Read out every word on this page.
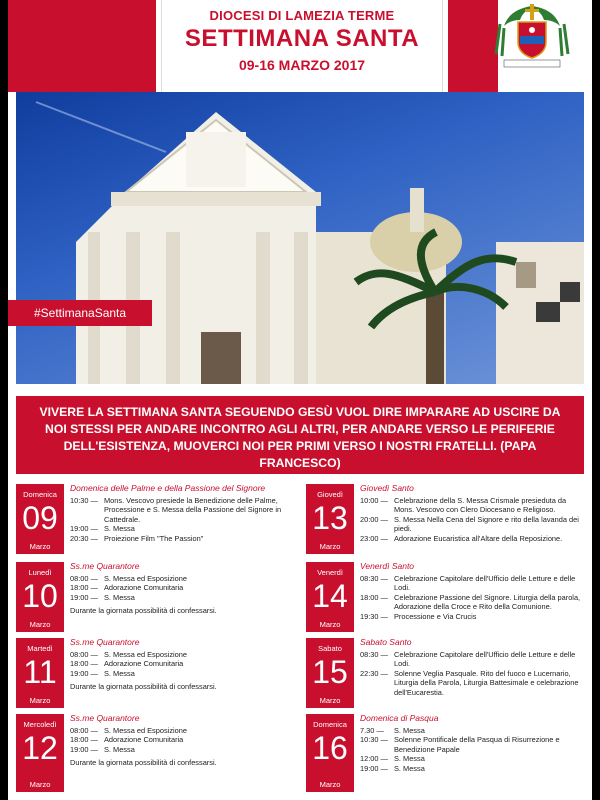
DIOCESI DI LAMEZIA TERME
SETTIMANA SANTA
09-16 MARZO 2017
#SettimanaSanta
VIVERE LA SETTIMANA SANTA SEGUENDO GESÙ VUOL DIRE IMPARARE AD USCIRE DA NOI STESSI PER ANDARE INCONTRO AGLI ALTRI, PER ANDARE VERSO LE PERIFERIE DELL'ESISTENZA, MUOVERCI NOI PER PRIMI VERSO I NOSTRI FRATELLI. (PAPA FRANCESCO)
Domenica
09
Marzo
Domenica delle Palme e della Passione del Signore
10:30 — Mons. Vescovo presiede la Benedizione delle Palme, Processione e S. Messa della Passione del Signore in Cattedrale.
19:00 — S. Messa
20:30 — Proiezione Film "The Passion"
Giovedì
13
Marzo
Giovedì Santo
10:00 — Celebrazione della S. Messa Crismale presieduta da Mons. Vescovo con Clero Diocesano e Religioso.
20:00 — S. Messa Nella Cena del Signore e rito della lavanda dei piedi.
23:00 — Adorazione Eucaristica all'Altare della Reposizione.
Lunedì
10
Marzo
Ss.me Quarantore
08:00 — S. Messa ed Esposizione
18:00 — Adorazione Comunitaria
19:00 — S. Messa
Durante la giornata possibilità di confessarsi.
Venerdì
14
Marzo
Venerdì Santo
08:30 — Celebrazione Capitolare dell'Ufficio delle Letture e delle Lodi.
18:00 — Celebrazione Passione del Signore. Liturgia della parola, Adorazione della Croce e Rito della Comunione.
19:30 — Processione e Via Crucis
Martedì
11
Marzo
Ss.me Quarantore
08:00 — S. Messa ed Esposizione
18:00 — Adorazione Comunitaria
19:00 — S. Messa
Durante la giornata possibilità di confessarsi.
Sabato
15
Marzo
Sabato Santo
08:30 — Celebrazione Capitolare dell'Ufficio delle Letture e delle Lodi.
22:30 — Solenne Veglia Pasquale. Rito del fuoco e Lucernario, Liturgia della Parola, Liturgia Battesimale e celebrazione dell'Eucarestia.
Mercoledì
12
Marzo
Ss.me Quarantore
08:00 — S. Messa ed Esposizione
18:00 — Adorazione Comunitaria
19:00 — S. Messa
Durante la giornata possibilità di confessarsi.
Domenica
16
Marzo
Domenica di Pasqua
7.30 —	S. Messa
10:30 — Solenne Pontificale della Pasqua di Risurrezione e Benedizione Papale
12:00 — S. Messa
19:00 — S. Messa
